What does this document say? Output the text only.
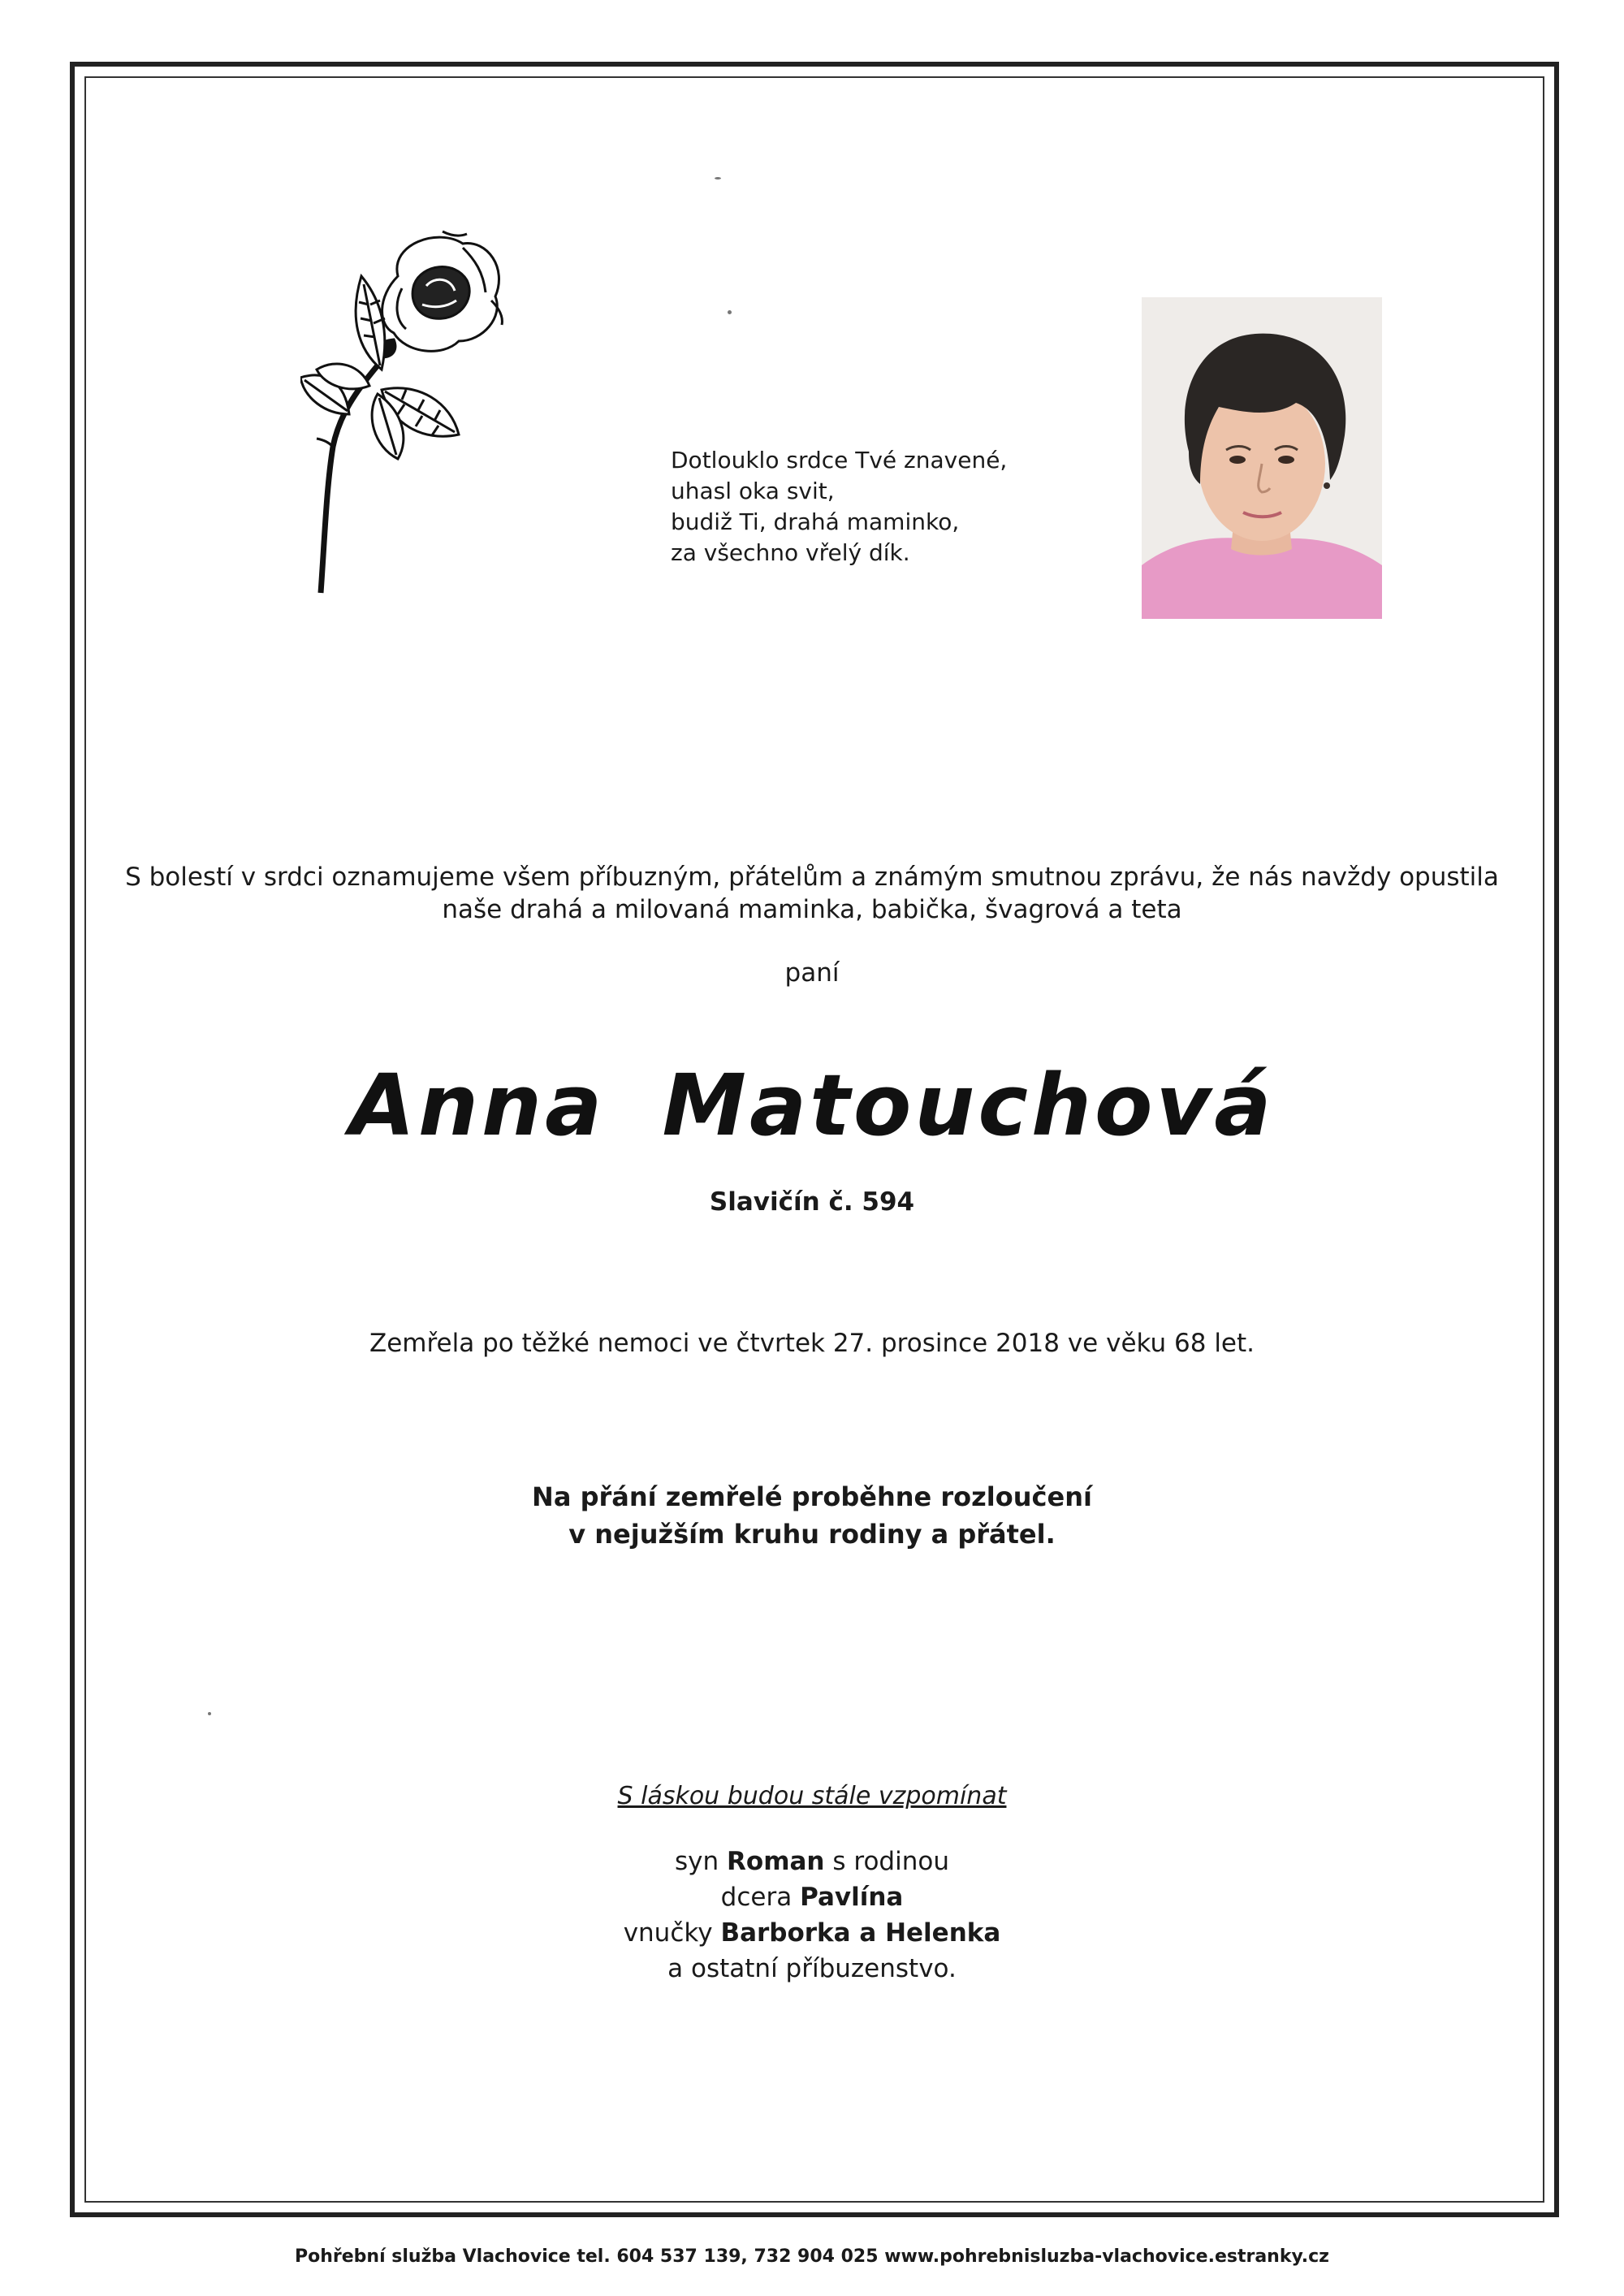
Dotlouklo srdce Tvé znavené,
uhasl oka svit,
budiž Ti, drahá maminko,
za všechno vřelý dík.
S bolestí v srdci oznamujeme všem příbuzným, přátelům a známým smutnou zprávu, že nás navždy opustila
naše drahá a milovaná maminka, babička, švagrová a teta
paní
Anna Matouchová
Slavičín č. 594
Zemřela po těžké nemoci ve čtvrtek 27. prosince 2018 ve věku 68 let.
Na přání zemřelé proběhne rozloučení
v nejužším kruhu rodiny a přátel.
S láskou budou stále vzpomínat
syn Roman s rodinou
dcera Pavlína
vnučky Barborka a Helenka
a ostatní příbuzenstvo.
Pohřební služba Vlachovice tel. 604 537 139, 732 904 025 www.pohrebnisluzba-vlachovice.estranky.cz
